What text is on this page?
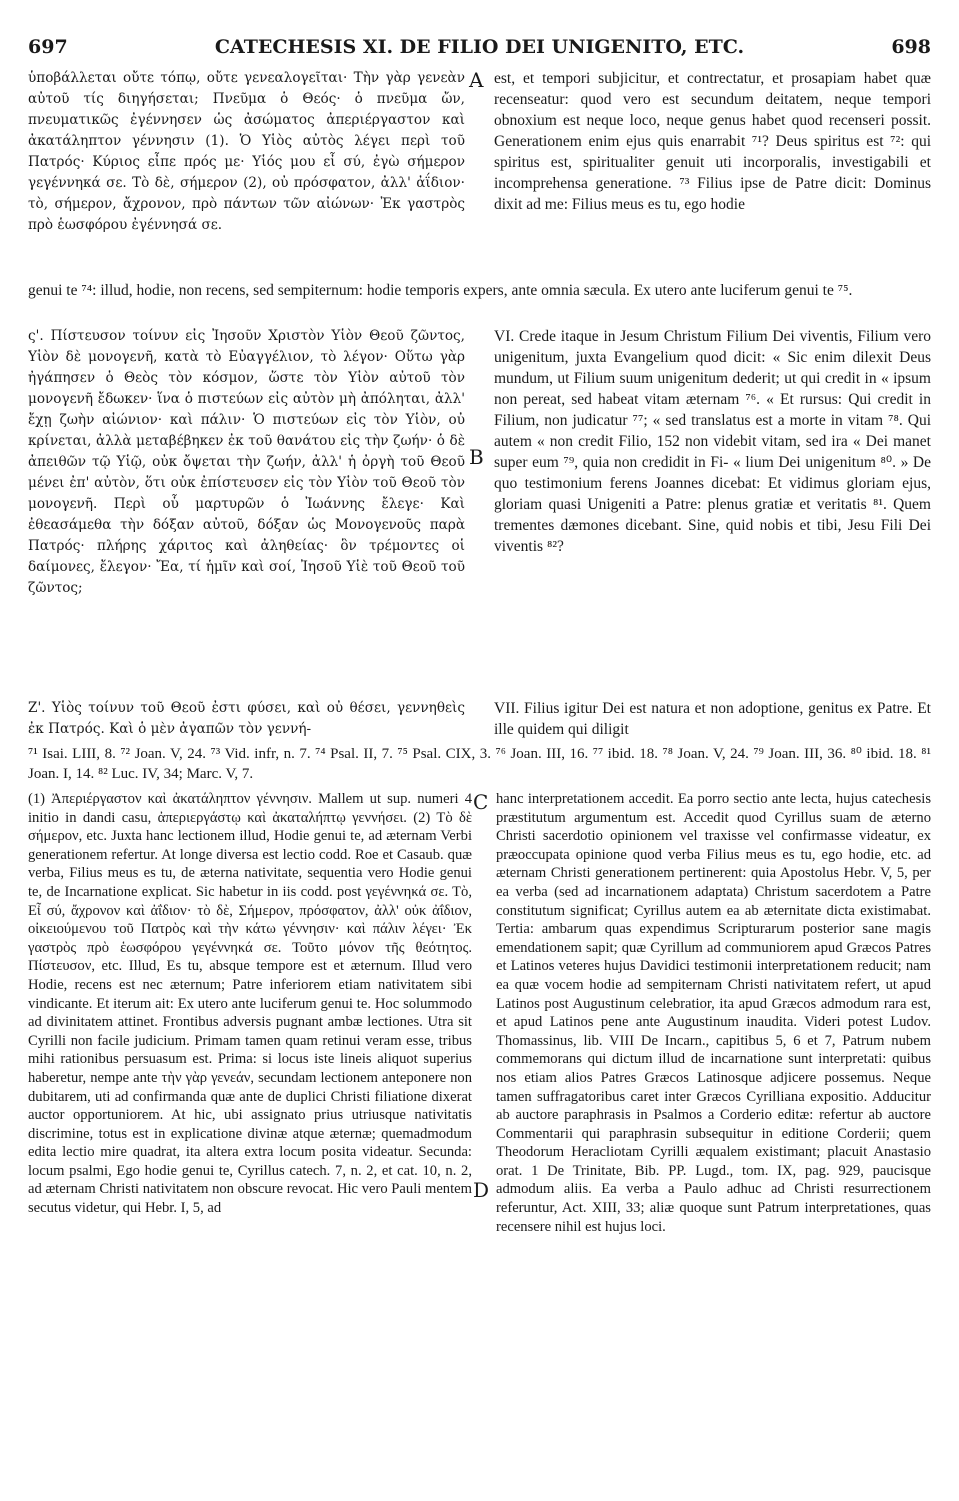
697	CATECHESIS XI. DE FILIO DEI UNIGENITO, ETC.	698
ὑποβάλλεται οὔτε τόπῳ, οὔτε γενεαλογεῖται· Τὴν γὰρ γενεὰν αὐτοῦ τίς διηγήσεται; Πνεῦμα ὁ Θεός· ὁ πνεῦμα ὤν, πνευματικῶς ἐγέννησεν ὡς ἀσώματος ἀπεριέργαστον καὶ ἀκατάληπτον γέννησιν (1). Ὁ Υἱὸς αὐτὸς λέγει περὶ τοῦ Πατρός· Κύριος εἶπε πρός με· Υἱός μου εἶ σύ, ἐγὼ σήμερον γεγέννηκά σε. Τὸ δὲ, σήμερον (2), οὐ πρόσφατον, ἀλλ' ἀΐδιον· τὸ, σήμερον, ἄχρονον, πρὸ πάντων τῶν αἰώνων· Ἐκ γαστρὸς πρὸ ἑωσφόρου ἐγέννησά σε.
A est, et tempori subjicitur, et contrectatur, et prosapiam habet quæ recenseatur: quod vero est secundum deitatem, neque tempori obnoxium est neque loco, neque genus habet quod recenseri possit. Generationem enim ejus quis enarrabit ⁷¹? Deus spiritus est ⁷²: qui spiritus est, spiritualiter genuit uti incorporalis, investigabili et incomprehensa generatione. ⁷³ Filius ipse de Patre dicit: Dominus dixit ad me: Filius meus es tu, ego hodie
genui te ⁷⁴: illud, hodie, non recens, sed sempiternum: hodie temporis expers, ante omnia sæcula. Ex utero ante luciferum genui te ⁷⁵.
ς'. Πίστευσον τοίνυν εἰς Ἰησοῦν Χριστὸν Υἱὸν Θεοῦ ζῶντος, Υἱὸν δὲ μονογενῆ, κατὰ τὸ Εὐαγγέλιον, τὸ λέγον· Οὕτω γὰρ ἠγάπησεν ὁ Θεὸς τὸν κόσμον, ὥστε τὸν Υἱὸν αὐτοῦ τὸν μονογενῆ ἔδωκεν· ἵνα ὁ πιστεύων εἰς αὐτὸν μὴ ἀπόληται, ἀλλ' ἔχῃ ζωὴν αἰώνιον· καὶ πάλιν· Ὁ πιστεύων εἰς τὸν Υἱὸν, οὐ κρίνεται, ἀλλὰ μεταβέβηκεν ἐκ τοῦ θανάτου εἰς τὴν ζωήν· ὁ δὲ ἀπειθῶν τῷ Υἱῷ, οὐκ ὄψεται τὴν ζωήν, ἀλλ' ἡ ὀργὴ τοῦ Θεοῦ μένει ἐπ' αὐτὸν, ὅτι οὐκ ἐπίστευσεν εἰς τὸν Υἱὸν τοῦ Θεοῦ τὸν μονογενῆ. Περὶ οὗ μαρτυρῶν ὁ Ἰωάννης ἔλεγε· Καὶ ἐθεασάμεθα τὴν δόξαν αὐτοῦ, δόξαν ὡς Μονογενοῦς παρὰ Πατρός· πλήρης χάριτος καὶ ἀληθείας· ὃν τρέμοντες οἱ δαίμονες, ἔλεγον· Ἔα, τί ἡμῖν καὶ σοί, Ἰησοῦ Υἱὲ τοῦ Θεοῦ τοῦ ζῶντος;
B
VI. Crede itaque in Jesum Christum Filium Dei viventis, Filium vero unigenitum, juxta Evangelium quod dicit: « Sic enim dilexit Deus mundum, ut Filium suum unigenitum dederit; ut qui credit in « ipsum non pereat, sed habeat vitam æternam ⁷⁶. « Et rursus: Qui credit in Filium, non judicatur ⁷⁷; « sed translatus est a morte in vitam ⁷⁸. Qui autem « non credit Filio, 152 non videbit vitam, sed ira « Dei manet super eum ⁷⁹, quia non credidit in Fi- « lium Dei unigenitum ⁸⁰. » De quo testimonium ferens Joannes dicebat: Et vidimus gloriam ejus, gloriam quasi Unigeniti a Patre: plenus gratiæ et veritatis ⁸¹. Quem trementes dæmones dicebant. Sine, quid nobis et tibi, Jesu Fili Dei viventis ⁸²?
Ζ'. Υἱὸς τοίνυν τοῦ Θεοῦ ἐστι φύσει, καὶ οὐ θέσει, γεννηθεὶς ἐκ Πατρός. Καὶ ὁ μὲν ἀγαπῶν τὸν γεννή-
VII. Filius igitur Dei est natura et non adoptione, genitus ex Patre. Et ille quidem qui diligit
⁷¹ Isai. LIII, 8. ⁷² Joan. V, 24. ⁷³ Vid. infr, n. 7. ⁷⁴ Psal. II, 7. ⁷⁵ Psal. CIX, 3. ⁷⁶ Joan. III, 16. ⁷⁷ ibid. 18. ⁷⁸ Joan. V, 24. ⁷⁹ Joan. III, 36. ⁸⁰ ibid. 18. ⁸¹ Joan. I, 14. ⁸² Luc. IV, 34; Marc. V, 7.
(1) Ἀπεριέργαστον καὶ ἀκατάληπτον γέννησιν. Mallem ut sup. numeri 4 initio in dandi casu, ἀπεριεργάστῳ καὶ ἀκαταλήπτῳ γεννήσει. (2) Τὸ δὲ σήμερον, etc. Juxta hanc lectionem illud, Hodie genui te, ad æternam Verbi generationem refertur. At longe diversa est lectio codd. Roe et Casaub. quæ verba, Filius meus es tu, de æterna nativitate, sequentia vero Hodie genui te, de Incarnatione explicat. Sic habetur in iis codd. post γεγέννηκά σε. Τὸ, Εἶ σύ, ἄχρονον καὶ ἀΐδιον· τὸ δὲ, Σήμερον, πρόσφατον, ἀλλ' οὐκ ἀΐδιον, οἰκειούμενου τοῦ Πατρὸς καὶ τὴν κάτω γέννησιν· καὶ πάλιν λέγει· Ἐκ γαστρὸς πρὸ ἑωσφόρου γεγέννηκά σε. Τοῦτο μόνον τῆς θεότητος. Πίστευσον, etc. Illud, Es tu, absque tempore est et æternum. Illud vero Hodie, recens est nec æternum; Patre inferiorem etiam nativitatem sibi vindicante. Et iterum ait: Ex utero ante luciferum genui te. Hoc solummodo ad divinitatem attinet. Frontibus adversis pugnant ambæ lectiones. Utra sit Cyrilli non facile judicium. Primam tamen quam retinui veram esse, tribus mihi rationibus persuasum est. Prima: si locus iste lineis aliquot superius haberetur, nempe ante τὴν γὰρ γενεάν, secundam lectionem anteponere non dubitarem, uti ad confirmanda quæ ante de duplici Christi filiatione dixerat auctor opportuniorem. At hic, ubi assignato prius utriusque nativitatis discrimine, totus est in explicatione divinæ atque æternæ; quemadmodum edita lectio mire quadrat, ita altera extra locum posita videatur. Secunda: locum psalmi, Ego hodie genui te, Cyrillus catech. 7, n. 2, et cat. 10, n. 2, ad æternam Christi nativitatem non obscure revocat. Hic vero Pauli mentem secutus videtur, qui Hebr. I, 5, ad
C
D
hanc interpretationem accedit. Ea porro sectio ante lecta, hujus catechesis præstitutum argumentum est. Accedit quod Cyrillus suam de æterno Christi sacerdotio opinionem vel traxisse vel confirmasse videatur, ex præoccupata opinione quod verba Filius meus es tu, ego hodie, etc. ad æternam Christi generationem pertinerent: quia Apostolus Hebr. V, 5, per ea verba (sed ad incarnationem adaptata) Christum sacerdotem a Patre constitutum significat; Cyrillus autem ea ab æternitate dicta existimabat. Tertia: ambarum quas expendimus Scripturarum posterior sane magis emendationem sapit; quæ Cyrillum ad communiorem apud Græcos Patres et Latinos veteres hujus Davidici testimonii interpretationem reducit; nam ea quæ vocem hodie ad sempiternam Christi nativitatem refert, ut apud Latinos post Augustinum celebratior, ita apud Græcos admodum rara est, et apud Latinos pene ante Augustinum inaudita. Videri potest Ludov. Thomassinus, lib. VIII De Incarn., capitibus 5, 6 et 7, Patrum nubem commemorans qui dictum illud de incarnatione sunt interpretati: quibus nos etiam alios Patres Græcos Latinosque adjicere possemus. Neque tamen suffragatoribus caret inter Græcos Cyrilliana expositio. Adducitur ab auctore paraphrasis in Psalmos a Corderio editæ: refertur ab auctore Commentarii qui paraphrasin subsequitur in editione Corderii; quem Theodorum Heracliotam Cyrilli æqualem existimant; placuit Anastasio orat. 1 De Trinitate, Bib. PP. Lugd., tom. IX, pag. 929, paucisque admodum aliis. Ea verba a Paulo adhuc ad Christi resurrectionem referuntur, Act. XIII, 33; aliæ quoque sunt Patrum interpretationes, quas recensere nihil est hujus loci.
